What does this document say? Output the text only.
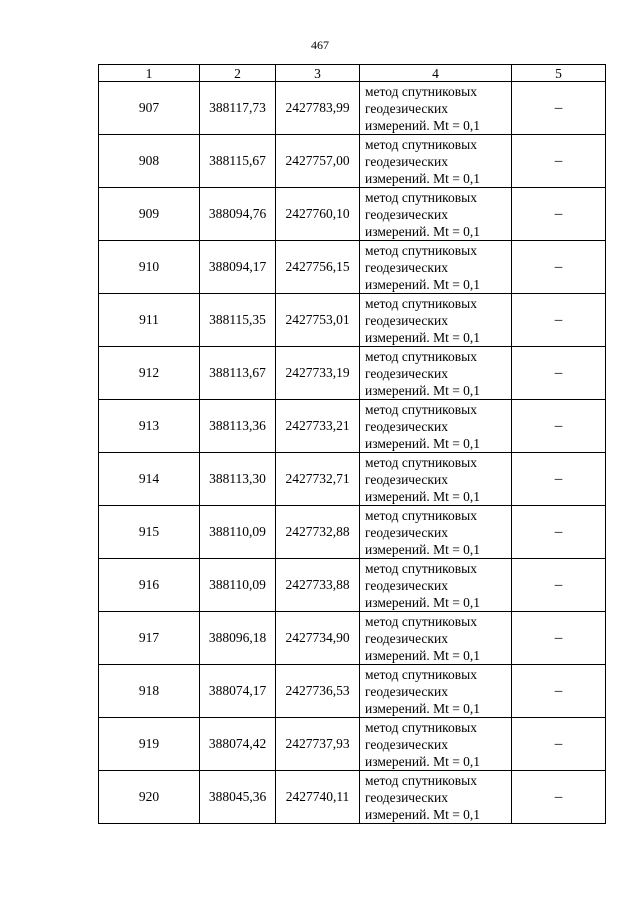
467
1	2	3	4	5
907	388117,73	2427783,99	метод спутниковых
геодезических
измерений. Mt = 0,1	–
908	388115,67	2427757,00	метод спутниковых
геодезических
измерений. Mt = 0,1	–
909	388094,76	2427760,10	метод спутниковых
геодезических
измерений. Mt = 0,1	–
910	388094,17	2427756,15	метод спутниковых
геодезических
измерений. Mt = 0,1	–
911	388115,35	2427753,01	метод спутниковых
геодезических
измерений. Mt = 0,1	–
912	388113,67	2427733,19	метод спутниковых
геодезических
измерений. Mt = 0,1	–
913	388113,36	2427733,21	метод спутниковых
геодезических
измерений. Mt = 0,1	–
914	388113,30	2427732,71	метод спутниковых
геодезических
измерений. Mt = 0,1	–
915	388110,09	2427732,88	метод спутниковых
геодезических
измерений. Mt = 0,1	–
916	388110,09	2427733,88	метод спутниковых
геодезических
измерений. Mt = 0,1	–
917	388096,18	2427734,90	метод спутниковых
геодезических
измерений. Mt = 0,1	–
918	388074,17	2427736,53	метод спутниковых
геодезических
измерений. Mt = 0,1	–
919	388074,42	2427737,93	метод спутниковых
геодезических
измерений. Mt = 0,1	–
920	388045,36	2427740,11	метод спутниковых
геодезических
измерений. Mt = 0,1	–
